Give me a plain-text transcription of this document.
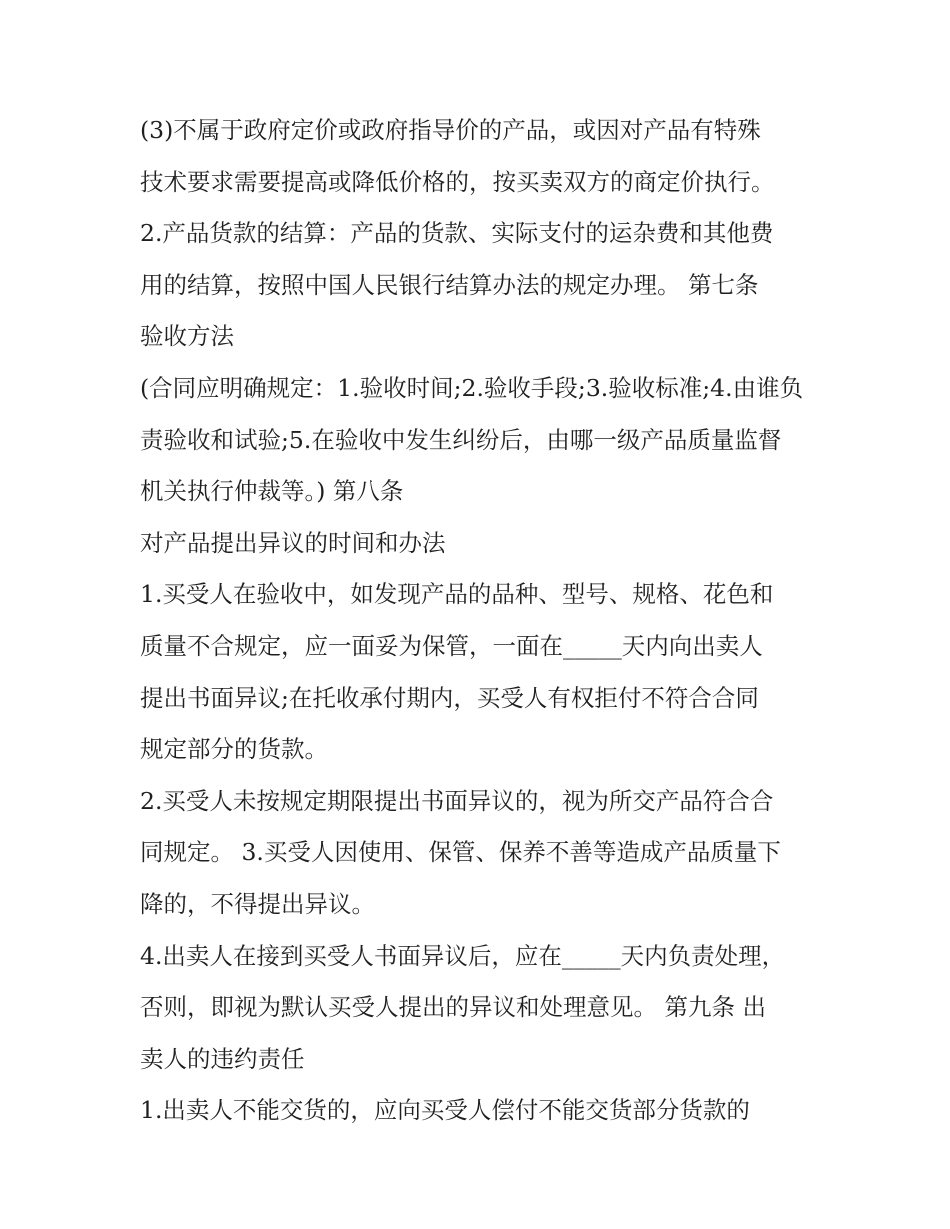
(3)不属于政府定价或政府指导价的产品，或因对产品有特殊
技术要求需要提高或降低价格的，按买卖双方的商定价执行。
2.产品货款的结算：产品的货款、实际支付的运杂费和其他费
用的结算，按照中国人民银行结算办法的规定办理。 第七条
验收方法
(合同应明确规定：1.验收时间;2.验收手段;3.验收标准;4.由谁负
责验收和试验;5.在验收中发生纠纷后，由哪一级产品质量监督
机关执行仲裁等。) 第八条
对产品提出异议的时间和办法
1.买受人在验收中，如发现产品的品种、型号、规格、花色和
质量不合规定，应一面妥为保管，一面在_____天内向出卖人
提出书面异议;在托收承付期内，买受人有权拒付不符合合同
规定部分的货款。
2.买受人未按规定期限提出书面异议的，视为所交产品符合合
同规定。 3.买受人因使用、保管、保养不善等造成产品质量下
降的，不得提出异议。
4.出卖人在接到买受人书面异议后，应在_____天内负责处理，
否则，即视为默认买受人提出的异议和处理意见。 第九条 出
卖人的违约责任
1.出卖人不能交货的，应向买受人偿付不能交货部分货款的
